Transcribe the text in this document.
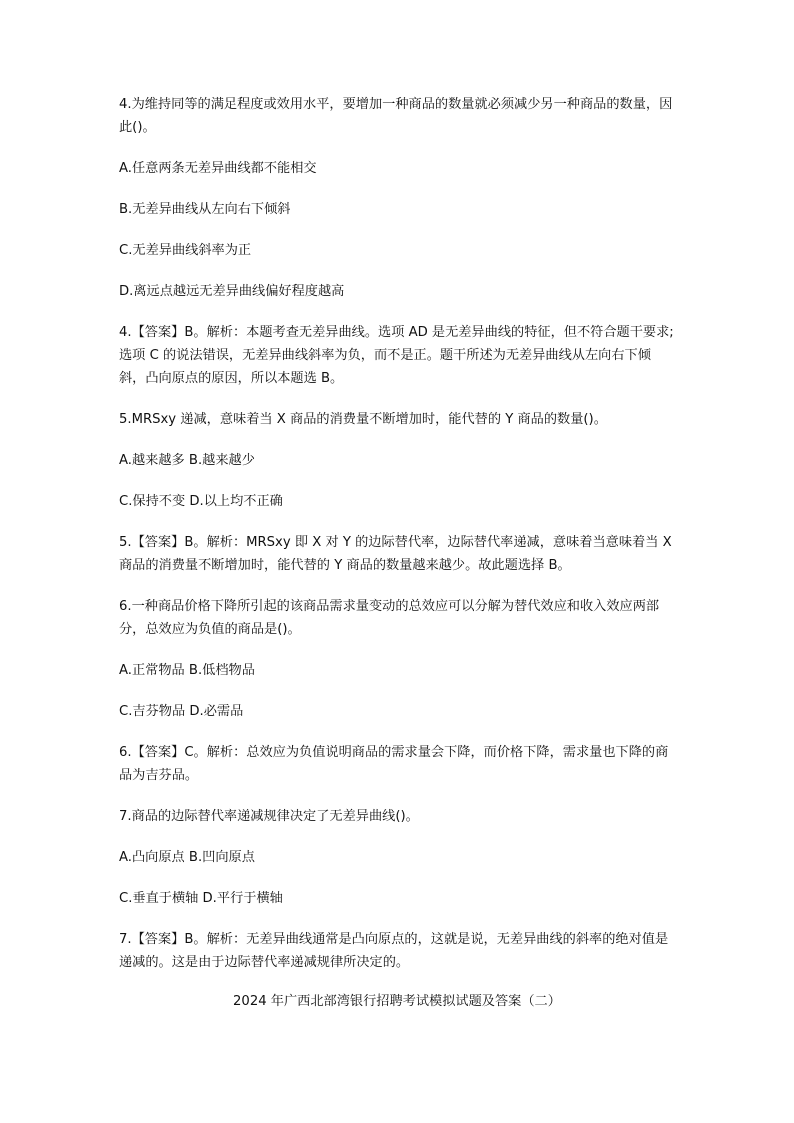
4.为维持同等的满足程度或效用水平，要增加一种商品的数量就必须减少另一种商品的数量，因此()。

A.任意两条无差异曲线都不能相交

B.无差异曲线从左向右下倾斜

C.无差异曲线斜率为正

D.离远点越远无差异曲线偏好程度越高

4.【答案】B。解析：本题考查无差异曲线。选项 AD 是无差异曲线的特征，但不符合题干要求;选项 C 的说法错误，无差异曲线斜率为负，而不是正。题干所述为无差异曲线从左向右下倾斜，凸向原点的原因，所以本题选 B。

5.MRSxy 递减，意味着当 X 商品的消费量不断增加时，能代替的 Y 商品的数量()。

A.越来越多 B.越来越少

C.保持不变 D.以上均不正确

5.【答案】B。解析：MRSxy 即 X 对 Y 的边际替代率，边际替代率递减，意味着当意味着当 X 商品的消费量不断增加时，能代替的 Y 商品的数量越来越少。故此题选择 B。

6.一种商品价格下降所引起的该商品需求量变动的总效应可以分解为替代效应和收入效应两部分，总效应为负值的商品是()。

A.正常物品 B.低档物品

C.吉芬物品 D.必需品

6.【答案】C。解析：总效应为负值说明商品的需求量会下降，而价格下降，需求量也下降的商品为吉芬品。

7.商品的边际替代率递减规律决定了无差异曲线()。

A.凸向原点 B.凹向原点

C.垂直于横轴 D.平行于横轴

7.【答案】B。解析：无差异曲线通常是凸向原点的，这就是说，无差异曲线的斜率的绝对值是递减的。这是由于边际替代率递减规律所决定的。

2024 年广西北部湾银行招聘考试模拟试题及答案（二）
